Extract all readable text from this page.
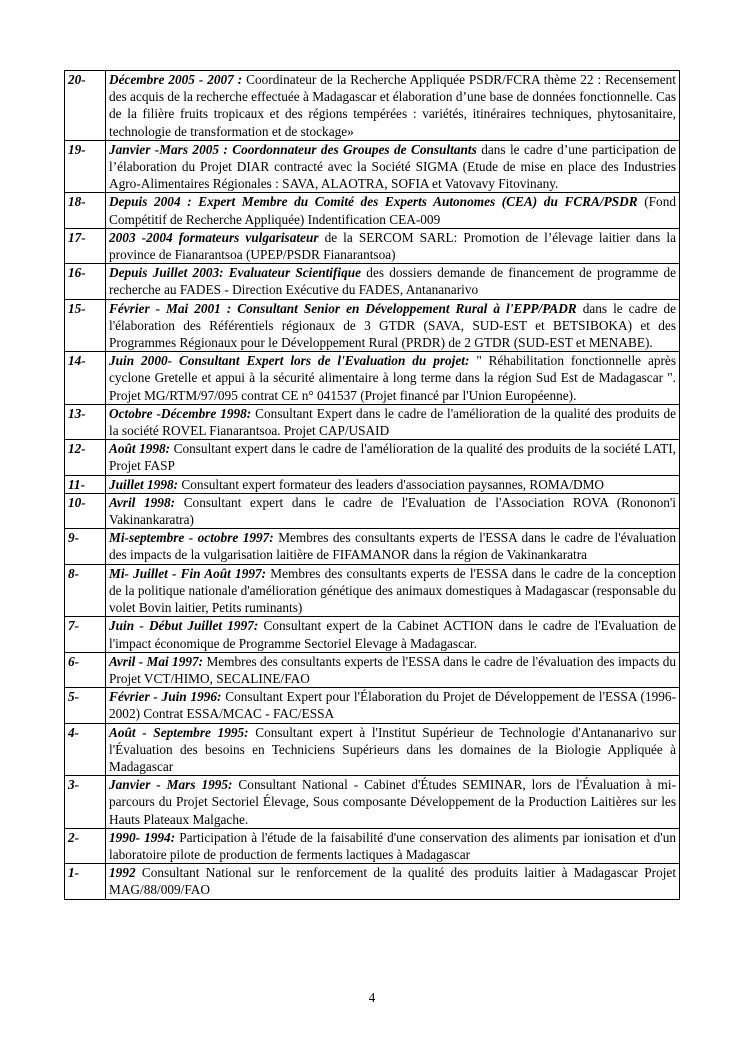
20-	Décembre 2005 - 2007 : Coordinateur de la Recherche Appliquée PSDR/FCRA thème 22 : Recensement des acquis de la recherche effectuée à Madagascar et élaboration d’une base de données fonctionnelle. Cas de la filière fruits tropicaux et des régions tempérées : variétés, itinéraires techniques, phytosanitaire, technologie de transformation et de stockage»
19-	Janvier -Mars 2005 : Coordonnateur des Groupes de Consultants dans le cadre d’une participation de l’élaboration du Projet DIAR contracté avec la Société SIGMA (Etude de mise en place des Industries Agro-Alimentaires Régionales : SAVA, ALAOTRA, SOFIA et Vatovavy Fitovinany.
18-	Depuis 2004 : Expert Membre du Comité des Experts Autonomes (CEA) du FCRA/PSDR (Fond Compétitif de Recherche Appliquée) Indentification CEA-009
17-	2003 -2004 formateurs vulgarisateur de la SERCOM SARL: Promotion de l’élevage laitier dans la province de Fianarantsoa (UPEP/PSDR Fianarantsoa)
16-	Depuis Juillet 2003: Evaluateur Scientifique des dossiers demande de financement de programme de recherche au FADES - Direction Exécutive du FADES, Antananarivo
15-	Février - Mai 2001 : Consultant Senior en Développement Rural à l'EPP/PADR dans le cadre de l'élaboration des Référentiels régionaux de 3 GTDR (SAVA, SUD-EST et BETSIBOKA) et des Programmes Régionaux pour le Développement Rural (PRDR) de 2 GTDR (SUD-EST et MENABE).
14-	Juin 2000- Consultant Expert lors de l'Evaluation du projet: " Réhabilitation fonctionnelle après cyclone Gretelle et appui à la sécurité alimentaire à long terme dans la région Sud Est de Madagascar ". Projet MG/RTM/97/095 contrat CE n° 041537 (Projet financé par l'Union Européenne).
13-	Octobre -Décembre 1998: Consultant Expert dans le cadre de l'amélioration de la qualité des produits de la société ROVEL Fianarantsoa. Projet CAP/USAID
12-	Août 1998: Consultant expert dans le cadre de l'amélioration de la qualité des produits de la société LATI, Projet FASP
11-	Juillet 1998: Consultant expert formateur des leaders d'association paysannes, ROMA/DMO
10-	Avril 1998: Consultant expert dans le cadre de l'Evaluation de l'Association ROVA (Rononon'i Vakinankaratra)
9-	Mi-septembre - octobre 1997: Membres des consultants experts de l'ESSA dans le cadre de l'évaluation des impacts de la vulgarisation laitière de FIFAMANOR dans la région de Vakinankaratra
8-	Mi- Juillet - Fin Août 1997: Membres des consultants experts de l'ESSA dans le cadre de la conception de la politique nationale d'amélioration génétique des animaux domestiques à Madagascar (responsable du volet Bovin laitier, Petits ruminants)
7-	Juin - Début Juillet 1997: Consultant expert de la Cabinet ACTION dans le cadre de l'Evaluation de l'impact économique de Programme Sectoriel Elevage à Madagascar.
6-	Avril - Mai 1997: Membres des consultants experts de l'ESSA dans le cadre de l'évaluation des impacts du Projet VCT/HIMO, SECALINE/FAO
5-	Février - Juin 1996: Consultant Expert pour l'Élaboration du Projet de Développement de l'ESSA (1996- 2002) Contrat ESSA/MCAC - FAC/ESSA
4-	Août - Septembre 1995: Consultant expert à l'Institut Supérieur de Technologie d'Antananarivo sur l'Évaluation des besoins en Techniciens Supérieurs dans les domaines de la Biologie Appliquée à Madagascar
3-	Janvier - Mars 1995: Consultant National - Cabinet d'Études SEMINAR, lors de l'Évaluation à mi-parcours du Projet Sectoriel Élevage, Sous composante Développement de la Production Laitières sur les Hauts Plateaux Malgache.
2-	1990- 1994: Participation à l'étude de la faisabilité d'une conservation des aliments par ionisation et d'un laboratoire pilote de production de ferments lactiques à Madagascar
1-	1992 Consultant National sur le renforcement de la qualité des produits laitier à Madagascar Projet MAG/88/009/FAO
4
